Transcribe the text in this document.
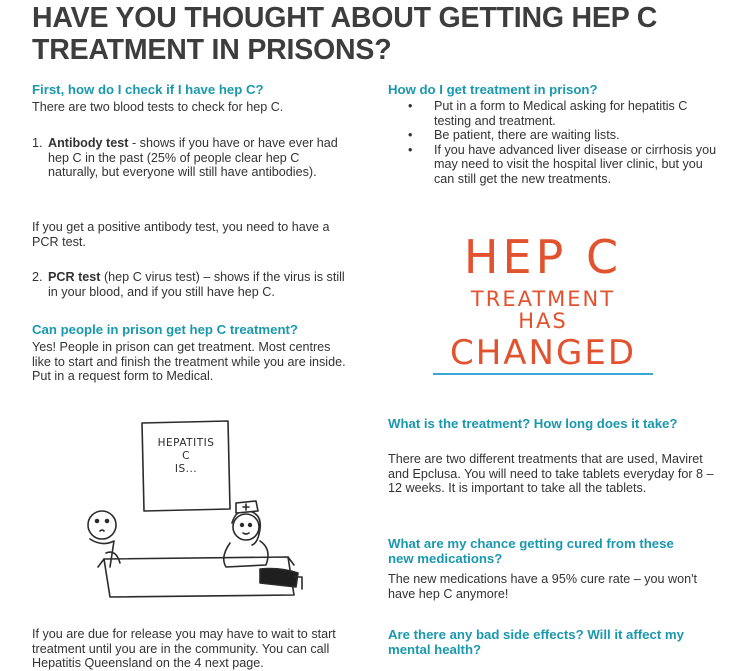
HAVE YOU THOUGHT ABOUT GETTING HEP C TREATMENT IN PRISONS?

First, how do I check if I have hep C?

There are two blood tests to check for hep C.

1. Antibody test - shows if you have or have ever had hep C in the past (25% of people clear hep C naturally, but everyone will still have antibodies).

If you get a positive antibody test, you need to have a PCR test.

2. PCR test (hep C virus test) – shows if the virus is still in your blood, and if you still have hep C.

Can people in prison get hep C treatment?

Yes! People in prison can get treatment. Most centres like to start and finish the treatment while you are inside. Put in a request form to Medical.

HEPATITIS
C
IS...

If you are due for release you may have to wait to start treatment until you are in the community. You can call Hepatitis Queensland on the 4 next page.

How do I get treatment in prison?

• Put in a form to Medical asking for hepatitis C testing and treatment.
• Be patient, there are waiting lists.
• If you have advanced liver disease or cirrhosis you may need to visit the hospital liver clinic, but you can still get the new treatments.
HEP C
TREATMENT
HAS
CHANGED

What is the treatment? How long does it take?

There are two different treatments that are used, Maviret and Epclusa. You will need to take tablets everyday for 8 – 12 weeks. It is important to take all the tablets.

What are my chance getting cured from these new medications?

The new medications have a 95% cure rate – you won't have hep C anymore!

Are there any bad side effects? Will it affect my mental health?
